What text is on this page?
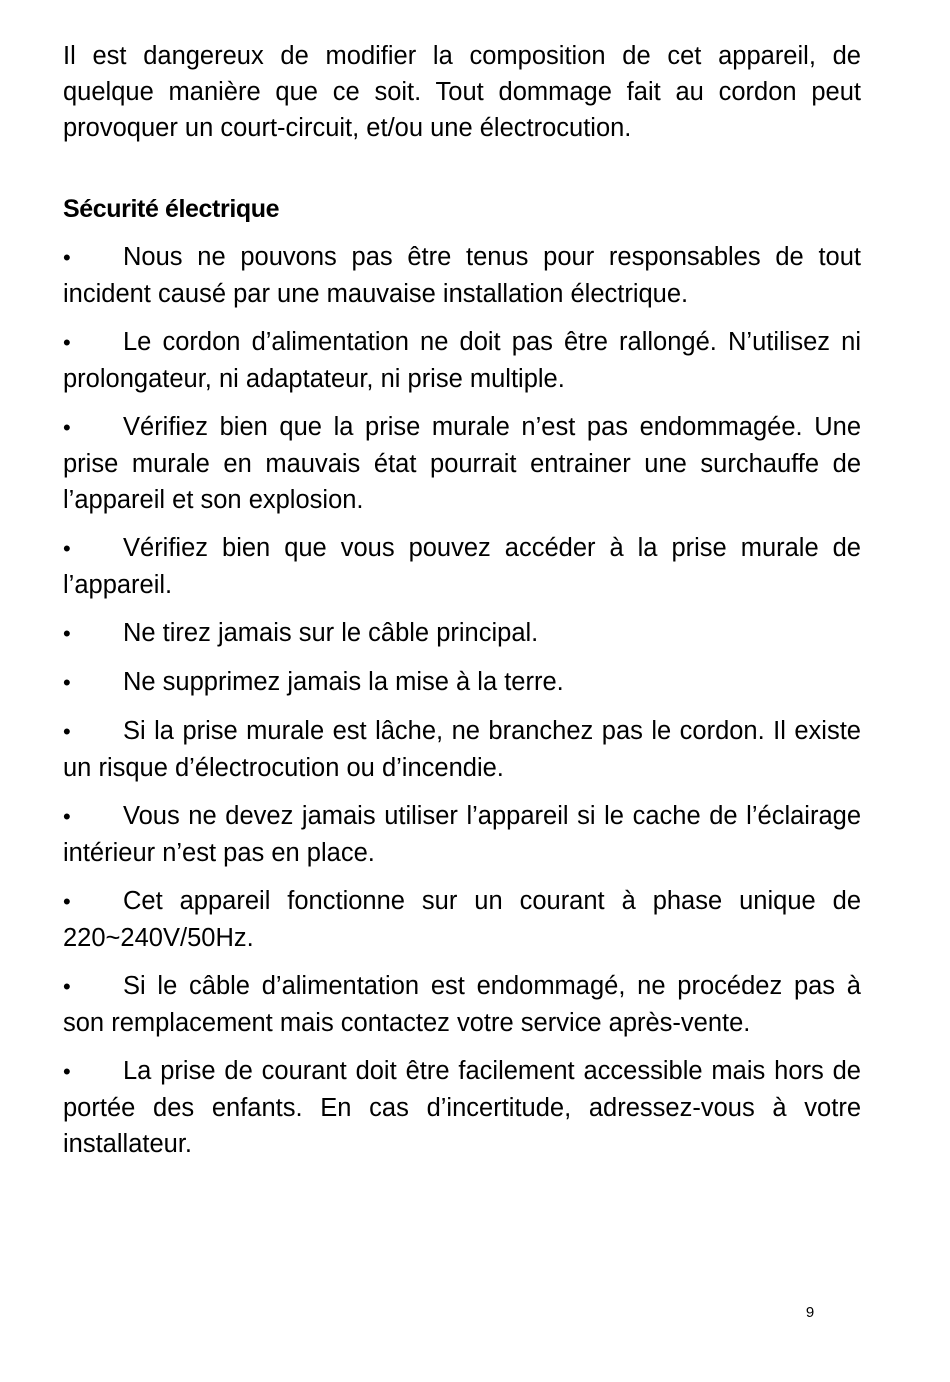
Il est dangereux de modifier la composition de cet appareil, de quelque manière que ce soit. Tout dommage fait au cordon peut provoquer un court-circuit, et/ou une électrocution.

Sécurité électrique
• Nous ne pouvons pas être tenus pour responsables de tout incident causé par une mauvaise installation électrique.
• Le cordon d’alimentation ne doit pas être rallongé. N’utilisez ni prolongateur, ni adaptateur, ni prise multiple.
• Vérifiez bien que la prise murale n’est pas endommagée. Une prise murale en mauvais état pourrait entrainer une surchauffe de l’appareil et son explosion.
• Vérifiez bien que vous pouvez accéder à la prise murale de l’appareil.
• Ne tirez jamais sur le câble principal.
• Ne supprimez jamais la mise à la terre.
• Si la prise murale est lâche, ne branchez pas le cordon. Il existe un risque d’électrocution ou d’incendie.
• Vous ne devez jamais utiliser l’appareil si le cache de l’éclairage intérieur n’est pas en place.
• Cet appareil fonctionne sur un courant à phase unique de 220~240V/50Hz.
• Si le câble d’alimentation est endommagé, ne procédez pas à son remplacement mais contactez votre service après-vente.
• La prise de courant doit être facilement accessible mais hors de portée des enfants. En cas d’incertitude, adressez-vous à votre installateur.
9
